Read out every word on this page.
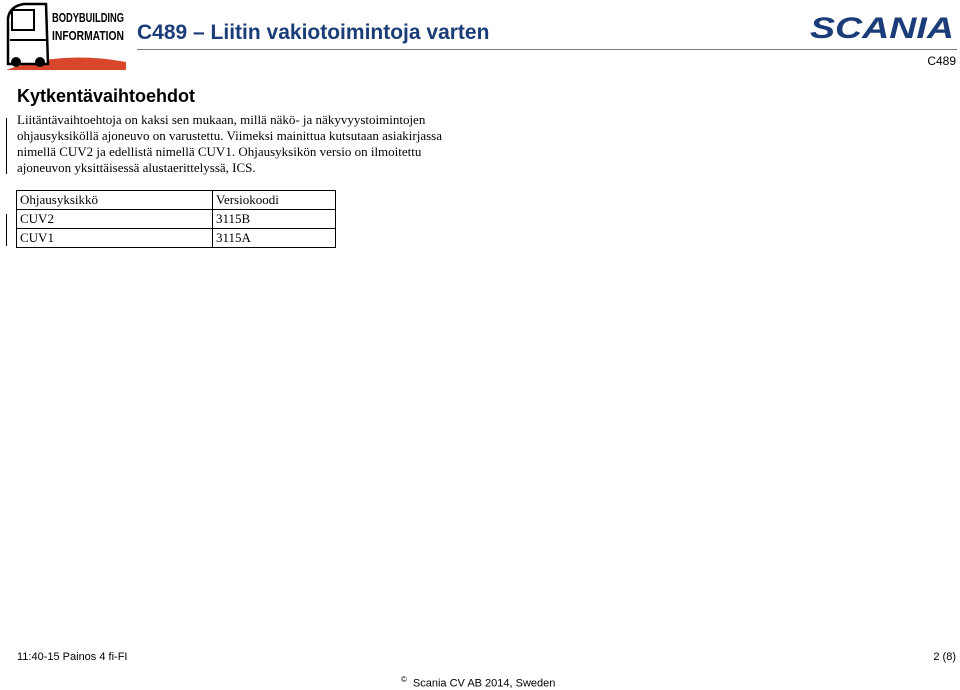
BODYBUILDING
INFORMATION C489 – Liitin vakiotoimintoja varten	SCANIA
C489
Kytkentävaihtoehdot

Liitäntävaihtoehtoja on kaksi sen mukaan, millä näkö- ja näkyvyystoimintojen ohjausyksiköllä ajoneuvo on varustettu. Viimeksi mainittua kutsutaan asiakirjassa nimellä CUV2 ja edellistä nimellä CUV1. Ohjausyksikön versio on ilmoitettu ajoneuvon yksittäisessä alustaerittelyssä, ICS.

Ohjausyksikkö	Versiokoodi
CUV2	3115B
CUV1	3115A
11:40-15 Painos 4 fi-FI	2 (8)
© Scania CV AB 2014, Sweden
